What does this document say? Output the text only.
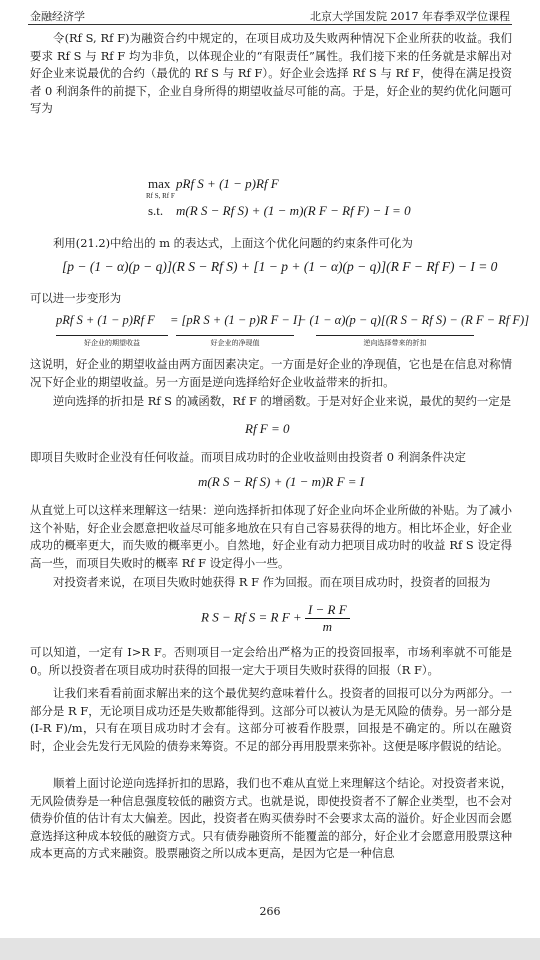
金融经济学	北京大学国发院 2017 年春季双学位课程

令(Rf S, Rf F)为融资合约中规定的，在项目成功及失败两种情况下企业所获的收益。我们要求 Rf S 与 Rf F 均为非负，以体现企业的“有限责任”属性。我们接下来的任务就是求解出对好企业来说最优的合约（最优的 Rf S 与 Rf F）。好企业会选择 Rf S 与 Rf F，使得在满足投资者 0 利润条件的前提下，企业自身所得的期望收益尽可能的高。于是，好企业的契约优化问题可写为

max
Rf S, Rf F
pRf S + (1 − p)Rf F
s.t. m(R S − Rf S) + (1 − m)(R F − Rf F) − I = 0

利用(21.2)中给出的 m 的表达式，上面这个优化问题的约束条件可化为

[p − (1 − α)(p − q)](R S − Rf S) + [1 − p + (1 − α)(p − q)](R F − Rf F) − I = 0

可以进一步变形为

pRf S + (1 − p)Rf F = [pR S + (1 − p)R F − I]
− (1 − α)(p − q)[(R S − Rf S) − (R F − Rf F)]
好企业的期望收益	好企业的净现值	逆向选择带来的折扣

这说明，好企业的期望收益由两方面因素决定。一方面是好企业的净现值，它也是在信息对称情况下好企业的期望收益。另一方面是逆向选择给好企业收益带来的折扣。

逆向选择的折扣是 Rf S 的减函数，Rf F 的增函数。于是对好企业来说，最优的契约一定是

Rf F = 0

即项目失败时企业没有任何收益。而项目成功时的企业收益则由投资者 0 利润条件决定

m(R S − Rf S) + (1 − m)R F = I

从直觉上可以这样来理解这一结果：逆向选择折扣体现了好企业向坏企业所做的补贴。为了减小这个补贴，好企业会愿意把收益尽可能多地放在只有自己容易获得的地方。相比坏企业，好企业成功的概率更大，而失败的概率更小。自然地，好企业有动力把项目成功时的收益 Rf S 设定得高一些，而项目失败时的概率 Rf F 设定得小一些。

对投资者来说，在项目失败时她获得 R F 作为回报。而在项目成功时，投资者的回报为

R S − Rf S = R $F + \frac{\text{I − R F}}{m}$

可以知道，一定有 I>R F。否则项目一定会给出严格为正的投资回报率，市场利率就不可能是 0。所以投资者在项目成功时获得的回报一定大于项目失败时获得的回报（R F）。

让我们来看看前面求解出来的这个最优契约意味着什么。投资者的回报可以分为两部分。一部分是 R F，无论项目成功还是失败都能得到。这部分可以被认为是无风险的债券。另一部分是(I-R F)/m，只有在项目成功时才会有。这部分可被看作股票，回报是不确定的。所以在融资时，企业会先发行无风险的债券来筹资。不足的部分再用股票来弥补。这便是啄序假说的结论。

顺着上面讨论逆向选择折扣的思路，我们也不难从直觉上来理解这个结论。对投资者来说，无风险债券是一种信息强度较低的融资方式。也就是说，即使投资者不了解企业类型，也不会对债券价值的估计有太大偏差。因此，投资者在购买债券时不会要求太高的溢价。好企业因而会愿意选择这种成本较低的融资方式。只有债券融资所不能覆盖的部分，好企业才会愿意用股票这种成本更高的方式来融资。股票融资之所以成本更高，是因为它是一种信息

266
